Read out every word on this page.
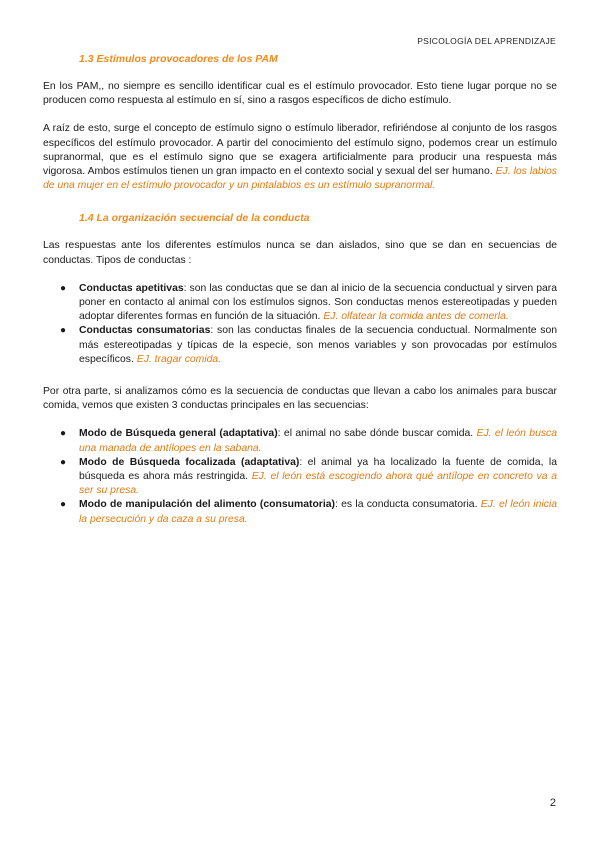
PSICOLOGÍA DEL APRENDIZAJE
1.3 Estímulos provocadores de los PAM

En los PAM,, no siempre es sencillo identificar cual es el estímulo provocador. Esto tiene lugar porque no se producen como respuesta al estímulo en sí, sino a rasgos específicos de dicho estímulo.

A raíz de esto, surge el concepto de estímulo signo o estímulo liberador, refiriéndose al conjunto de los rasgos específicos del estímulo provocador. A partir del conocimiento del estímulo signo, podemos crear un estímulo supranormal, que es el estímulo signo que se exagera artificialmente para producir una respuesta más vigorosa. Ambos estímulos tienen un gran impacto en el contexto social y sexual del ser humano. EJ. los labios de una mujer en el estímulo provocador y un pintalabios es un estímulo supranormal.

1.4 La organización secuencial de la conducta

Las respuestas ante los diferentes estímulos nunca se dan aislados, sino que se dan en secuencias de conductas. Tipos de conductas :

● Conductas apetitivas: son las conductas que se dan al inicio de la secuencia conductual y sirven para poner en contacto al animal con los estímulos signos. Son conductas menos estereotipadas y pueden adoptar diferentes formas en función de la situación. EJ. olfatear la comida antes de comerla.
● Conductas consumatorias: son las conductas finales de la secuencia conductual. Normalmente son más estereotipadas y típicas de la especie, son menos variables y son provocadas por estímulos específicos. EJ. tragar comida.

Por otra parte, si analizamos cómo es la secuencia de conductas que llevan a cabo los animales para buscar comida, vemos que existen 3 conductas principales en las secuencias:

● Modo de Búsqueda general (adaptativa): el animal no sabe dónde buscar comida. EJ. el león busca una manada de antílopes en la sabana.
● Modo de Búsqueda focalizada (adaptativa): el animal ya ha localizado la fuente de comida, la búsqueda es ahora más restringida. EJ. el león está escogiendo ahora qué antílope en concreto va a ser su presa.
● Modo de manipulación del alimento (consumatoria): es la conducta consumatoria. EJ. el león inicia la persecución y da caza a su presa.
2
